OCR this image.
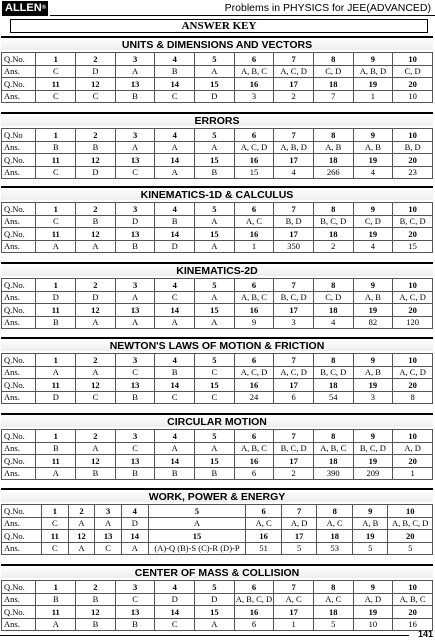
ALLEN®	Problems in PHYSICS for JEE(ADVANCED)
ANSWER KEY
UNITS & DIMENSIONS AND VECTORS
Q.No.	1	2	3	4	5	6	7	8	9	10
Ans.	C	D	A	B	A	A, B, C	A, C, D	C, D	A, B, D	C, D
Q.No.	11	12	13	14	15	16	17	18	19	20
Ans.	C	C	B	C	D	3	2	7	1	10
ERRORS
Q.No	1	2	3	4	5	6	7	8	9	10
Ans.	B	B	A	A	A	A, C, D	A, B, D	A, B	A, B	B, D
Q.No.	11	12	13	14	15	16	17	18	19	20
Ans.	C	D	C	A	B	15	4	266	4	23
KINEMATICS-1D & CALCULUS
Q.No.	1	2	3	4	5	6	7	8	9	10
Ans.	C	B	D	B	A	A, C	B, D	B, C, D	C, D	B, C, D
Q.No.	11	12	13	14	15	16	17	18	19	20
Ans.	A	A	B	D	A	1	350	2	4	15
KINEMATICS-2D
Q.No.	1	2	3	4	5	6	7	8	9	10
Ans.	D	D	A	C	A	A, B, C	B, C, D	C, D	A, B	A, C, D
Q.No.	11	12	13	14	15	16	17	18	19	20
Ans.	B	A	A	A	A	9	3	4	82	120
NEWTON'S LAWS OF MOTION & FRICTION
Q.No.	1	2	3	4	5	6	7	8	9	10
Ans.	A	A	C	B	C	A, C, D	A, C, D	B, C, D	A, B	A, C, D
Q.No.	11	12	13	14	15	16	17	18	19	20
Ans.	D	C	B	C	C	24	6	54	3	8
CIRCULAR MOTION
Q.No.	1	2	3	4	5	6	7	8	9	10
Ans.	B	A	C	A	A	A, B, C	B, C, D	A, B, C	B, C, D	A, D
Q.No.	11	12	13	14	15	16	17	18	19	20
Ans.	A	B	B	B	B	6	2	390	209	1
WORK, POWER & ENERGY
Q.No.	1	2	3	4	5	6	7	8	9	10
Ans.	C	A	A	D	A	A, C	A, D	A, C	A, B	A, B, C, D
Q.No.	11	12	13	14	15	16	17	18	19	20
Ans.	C	A	C	A	(A)-Q (B)-S (C)-R (D)-P	51	5	53	5	5
CENTER OF MASS & COLLISION
Q.No.	1	2	3	4	5	6	7	8	9	10
Ans.	B	B	C	D	D	A, B, C, D	A, C	A, C	A, D	A, B, C
Q.No.	11	12	13	14	15	16	17	18	19	20
Ans.	A	B	B	C	A	6	1	5	10	16
141
